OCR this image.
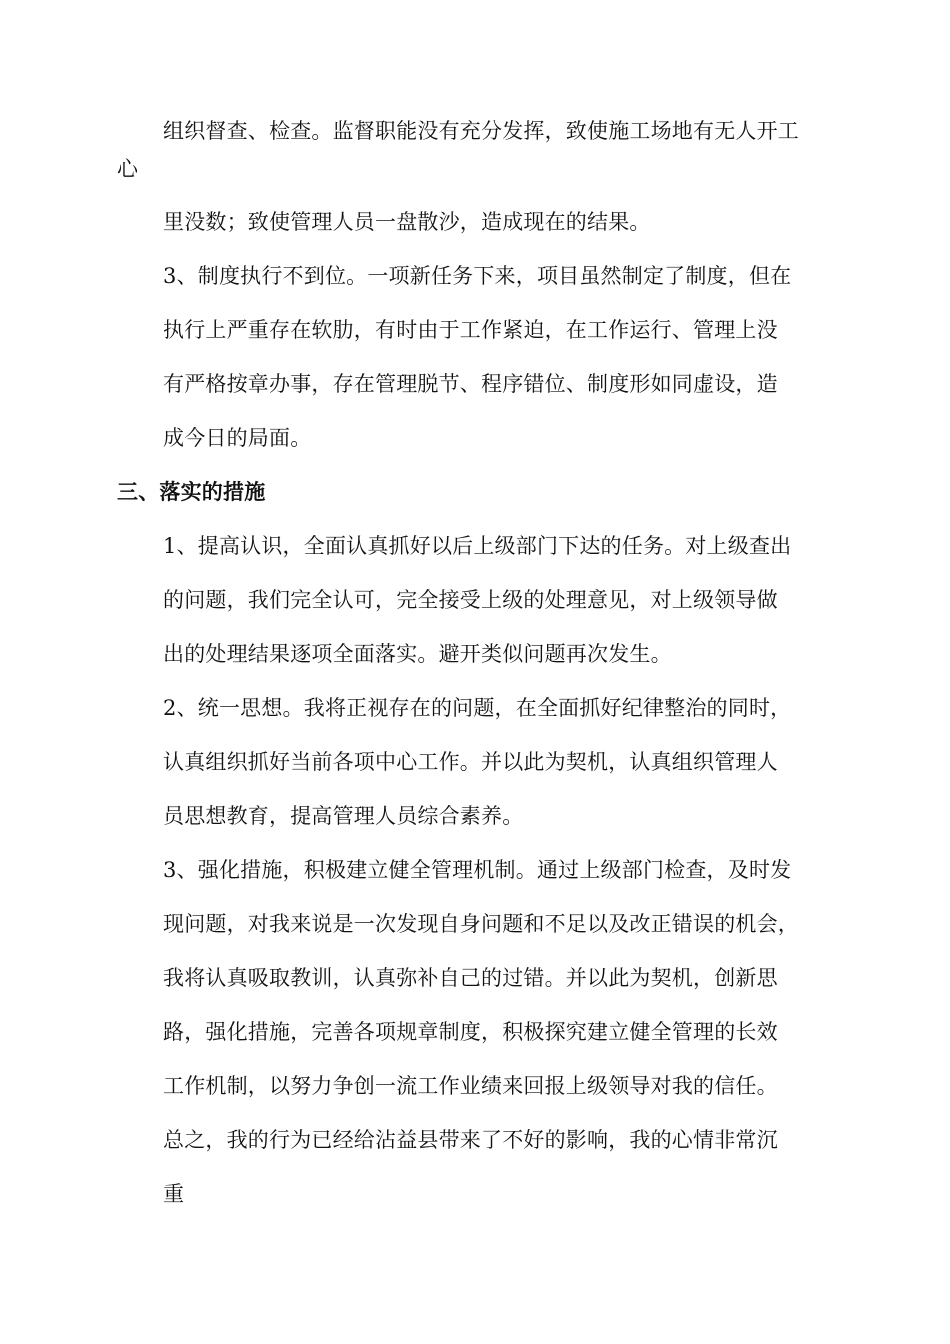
组织督查、检查。监督职能没有充分发挥，致使施工场地有无人开工
心
里没数；致使管理人员一盘散沙，造成现在的结果。
3、制度执行不到位。一项新任务下来，项目虽然制定了制度，但在
执行上严重存在软肋，有时由于工作紧迫，在工作运行、管理上没
有严格按章办事，存在管理脱节、程序错位、制度形如同虚设，造
成今日的局面。
三、落实的措施
1、提高认识，全面认真抓好以后上级部门下达的任务。对上级查出
的问题，我们完全认可，完全接受上级的处理意见，对上级领导做
出的处理结果逐项全面落实。避开类似问题再次发生。
2、统一思想。我将正视存在的问题，在全面抓好纪律整治的同时，
认真组织抓好当前各项中心工作。并以此为契机，认真组织管理人
员思想教育，提高管理人员综合素养。
3、强化措施，积极建立健全管理机制。通过上级部门检查，及时发
现问题，对我来说是一次发现自身问题和不足以及改正错误的机会，
我将认真吸取教训，认真弥补自己的过错。并以此为契机，创新思
路，强化措施，完善各项规章制度，积极探究建立健全管理的长效
工作机制，以努力争创一流工作业绩来回报上级领导对我的信任。
总之，我的行为已经给沾益县带来了不好的影响，我的心情非常沉
重
